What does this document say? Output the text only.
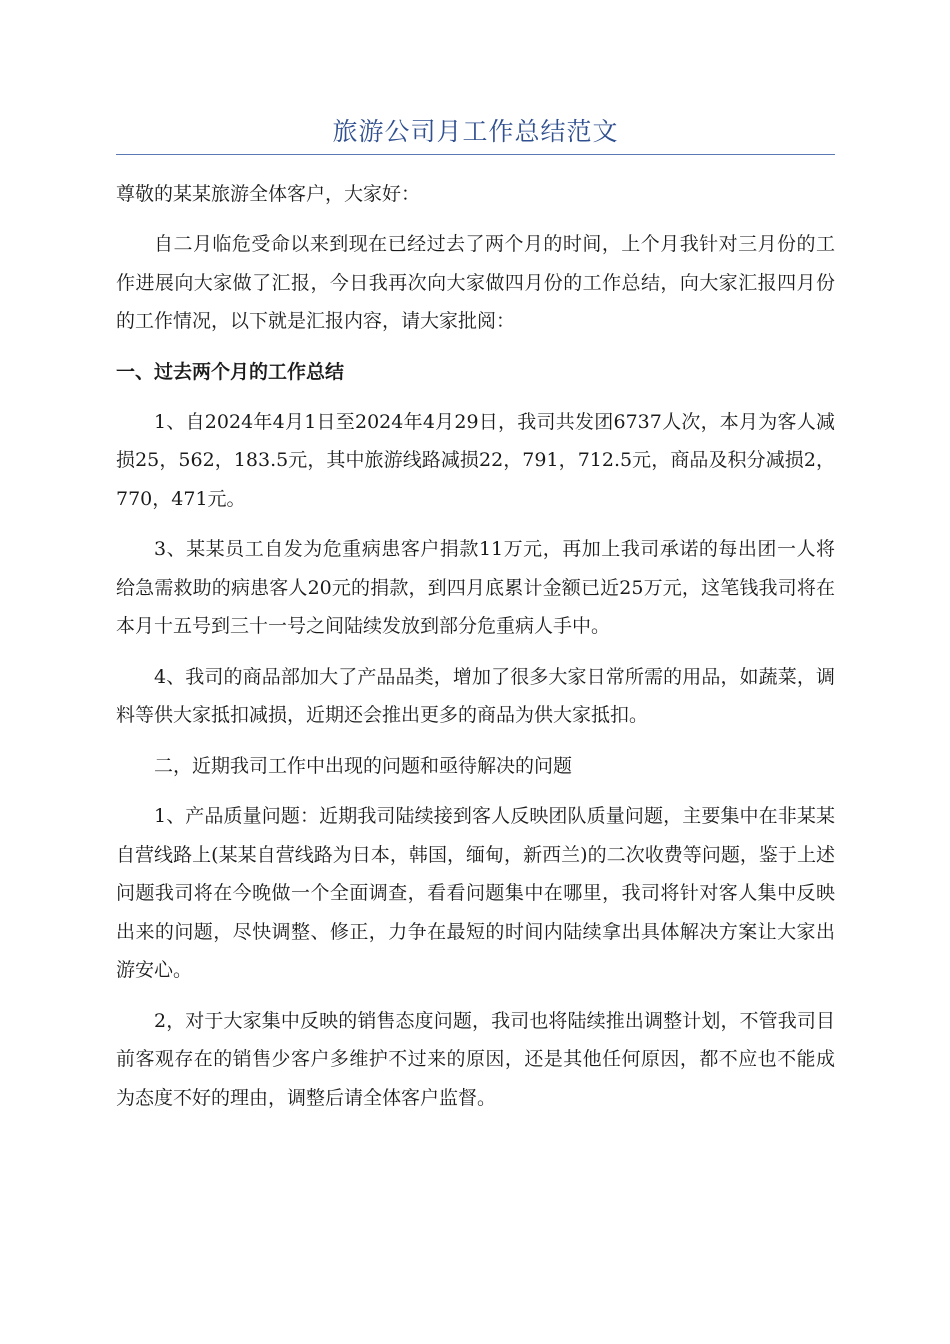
旅游公司月工作总结范文

尊敬的某某旅游全体客户，大家好：

自二月临危受命以来到现在已经过去了两个月的时间，上个月我针对三月份的工作进展向大家做了汇报，今日我再次向大家做四月份的工作总结，向大家汇报四月份的工作情况，以下就是汇报内容，请大家批阅：

一、过去两个月的工作总结

1、自2024年4月1日至2024年4月29日，我司共发团6737人次，本月为客人减损25，562，183.5元，其中旅游线路减损22，791，712.5元，商品及积分减损2，770，471元。

3、某某员工自发为危重病患客户捐款11万元，再加上我司承诺的每出团一人将给急需救助的病患客人20元的捐款，到四月底累计金额已近25万元，这笔钱我司将在本月十五号到三十一号之间陆续发放到部分危重病人手中。

4、我司的商品部加大了产品品类，增加了很多大家日常所需的用品，如蔬菜，调料等供大家抵扣减损，近期还会推出更多的商品为供大家抵扣。

二，近期我司工作中出现的问题和亟待解决的问题

1、产品质量问题：近期我司陆续接到客人反映团队质量问题，主要集中在非某某自营线路上(某某自营线路为日本，韩国，缅甸，新西兰)的二次收费等问题，鉴于上述问题我司将在今晚做一个全面调查，看看问题集中在哪里，我司将针对客人集中反映出来的问题，尽快调整、修正，力争在最短的时间内陆续拿出具体解决方案让大家出游安心。

2，对于大家集中反映的销售态度问题，我司也将陆续推出调整计划，不管我司目前客观存在的销售少客户多维护不过来的原因，还是其他任何原因，都不应也不能成为态度不好的理由，调整后请全体客户监督。
